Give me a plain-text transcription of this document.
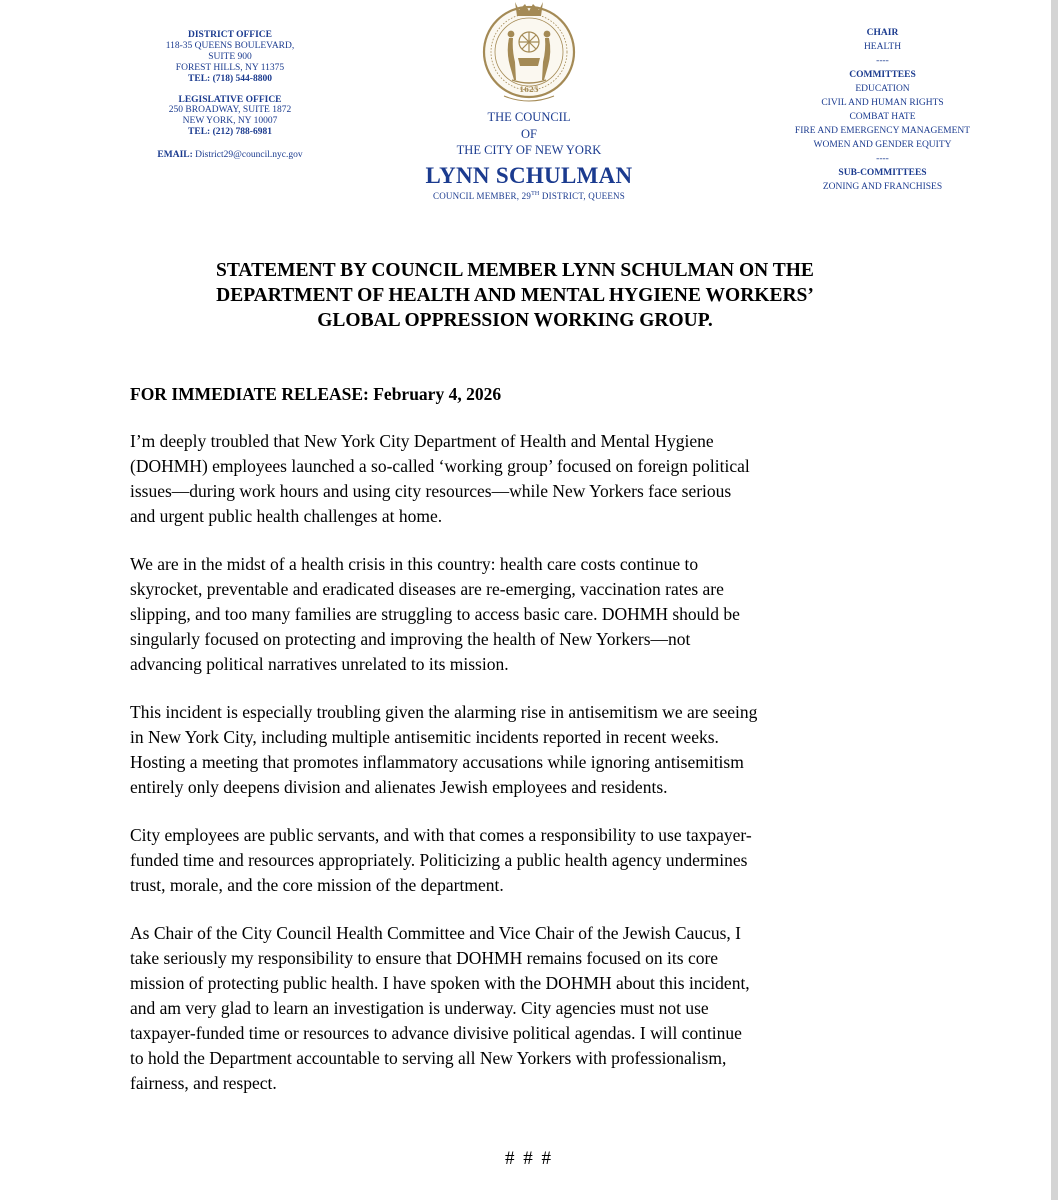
DISTRICT OFFICE
118-35 QUEENS BOULEVARD,
SUITE 900
FOREST HILLS, NY 11375
TEL: (718) 544-8800
LEGISLATIVE OFFICE
250 BROADWAY, SUITE 1872
NEW YORK, NY 10007
TEL: (212) 788-6981
EMAIL: District29@council.nyc.gov
1625
THE COUNCIL
OF
THE CITY OF NEW YORK
LYNN SCHULMAN
COUNCIL MEMBER, 29TH DISTRICT, QUEENS
CHAIR
HEALTH
----
COMMITTEES
EDUCATION
CIVIL AND HUMAN RIGHTS
COMBAT HATE
FIRE AND EMERGENCY MANAGEMENT
WOMEN AND GENDER EQUITY
----
SUB-COMMITTEES
ZONING AND FRANCHISES
STATEMENT BY COUNCIL MEMBER LYNN SCHULMAN ON THE
DEPARTMENT OF HEALTH AND MENTAL HYGIENE WORKERS’
GLOBAL OPPRESSION WORKING GROUP.
FOR IMMEDIATE RELEASE: February 4, 2026

I’m deeply troubled that New York City Department of Health and Mental Hygiene
(DOHMH) employees launched a so-called ‘working group’ focused on foreign political
issues—during work hours and using city resources—while New Yorkers face serious
and urgent public health challenges at home.

We are in the midst of a health crisis in this country: health care costs continue to
skyrocket, preventable and eradicated diseases are re-emerging, vaccination rates are
slipping, and too many families are struggling to access basic care. DOHMH should be
singularly focused on protecting and improving the health of New Yorkers—not
advancing political narratives unrelated to its mission.

This incident is especially troubling given the alarming rise in antisemitism we are seeing
in New York City, including multiple antisemitic incidents reported in recent weeks.
Hosting a meeting that promotes inflammatory accusations while ignoring antisemitism
entirely only deepens division and alienates Jewish employees and residents.

City employees are public servants, and with that comes a responsibility to use taxpayer-
funded time and resources appropriately. Politicizing a public health agency undermines
trust, morale, and the core mission of the department.

As Chair of the City Council Health Committee and Vice Chair of the Jewish Caucus, I
take seriously my responsibility to ensure that DOHMH remains focused on its core
mission of protecting public health. I have spoken with the DOHMH about this incident,
and am very glad to learn an investigation is underway. City agencies must not use
taxpayer-funded time or resources to advance divisive political agendas. I will continue
to hold the Department accountable to serving all New Yorkers with professionalism,
fairness, and respect.

# # #
